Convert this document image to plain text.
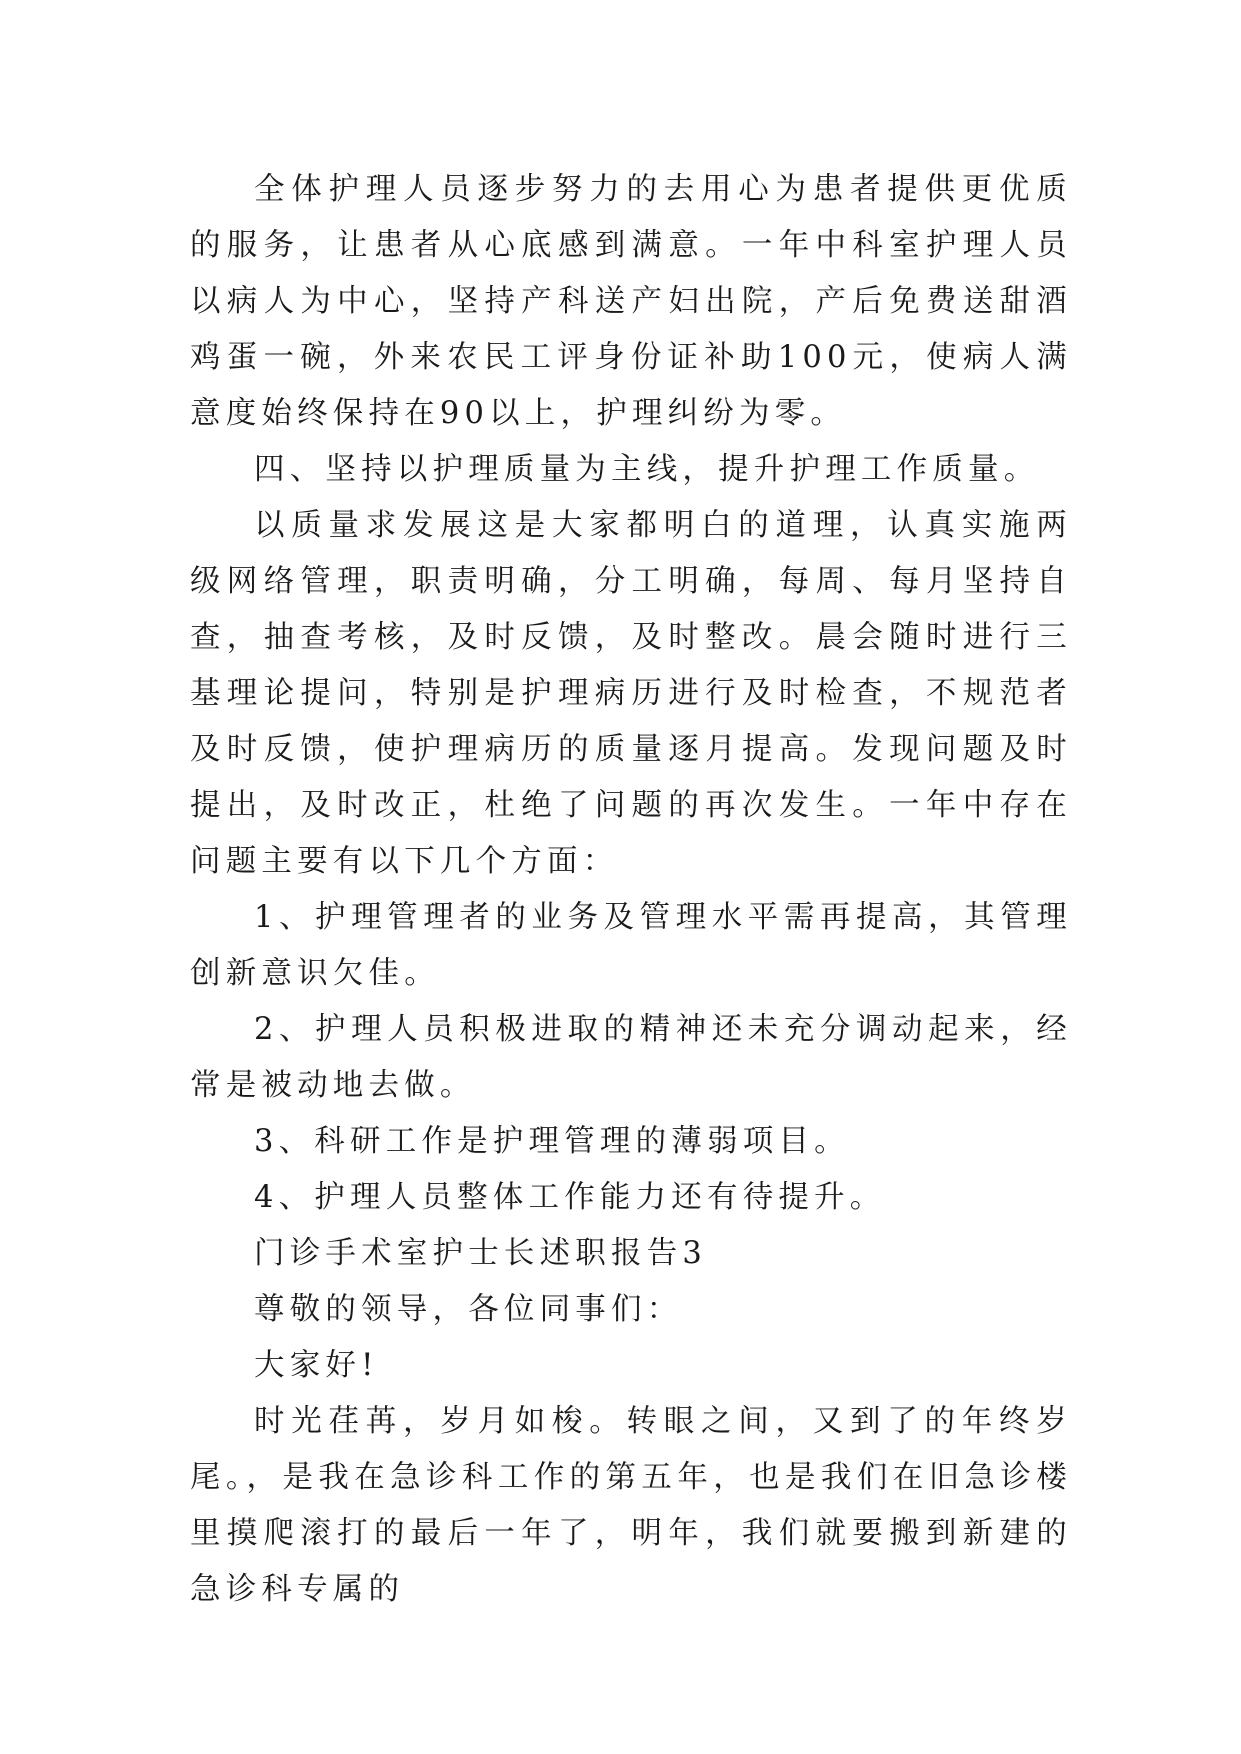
全体护理人员逐步努力的去用心为患者提供更优质的服务，让患者从心底感到满意。一年中科室护理人员以病人为中心，坚持产科送产妇出院，产后免费送甜酒鸡蛋一碗，外来农民工评身份证补助100元，使病人满意度始终保持在90以上，护理纠纷为零。

四、坚持以护理质量为主线，提升护理工作质量。

以质量求发展这是大家都明白的道理，认真实施两级网络管理，职责明确，分工明确，每周、每月坚持自查，抽查考核，及时反馈，及时整改。晨会随时进行三基理论提问，特别是护理病历进行及时检查，不规范者及时反馈，使护理病历的质量逐月提高。发现问题及时提出，及时改正，杜绝了问题的再次发生。一年中存在问题主要有以下几个方面：

1、护理管理者的业务及管理水平需再提高，其管理创新意识欠佳。

2、护理人员积极进取的精神还未充分调动起来，经常是被动地去做。

3、科研工作是护理管理的薄弱项目。

4、护理人员整体工作能力还有待提升。

门诊手术室护士长述职报告3

尊敬的领导，各位同事们：

大家好!

时光荏苒，岁月如梭。转眼之间，又到了的年终岁尾。，是我在急诊科工作的第五年，也是我们在旧急诊楼里摸爬滚打的最后一年了，明年，我们就要搬到新建的急诊科专属的
